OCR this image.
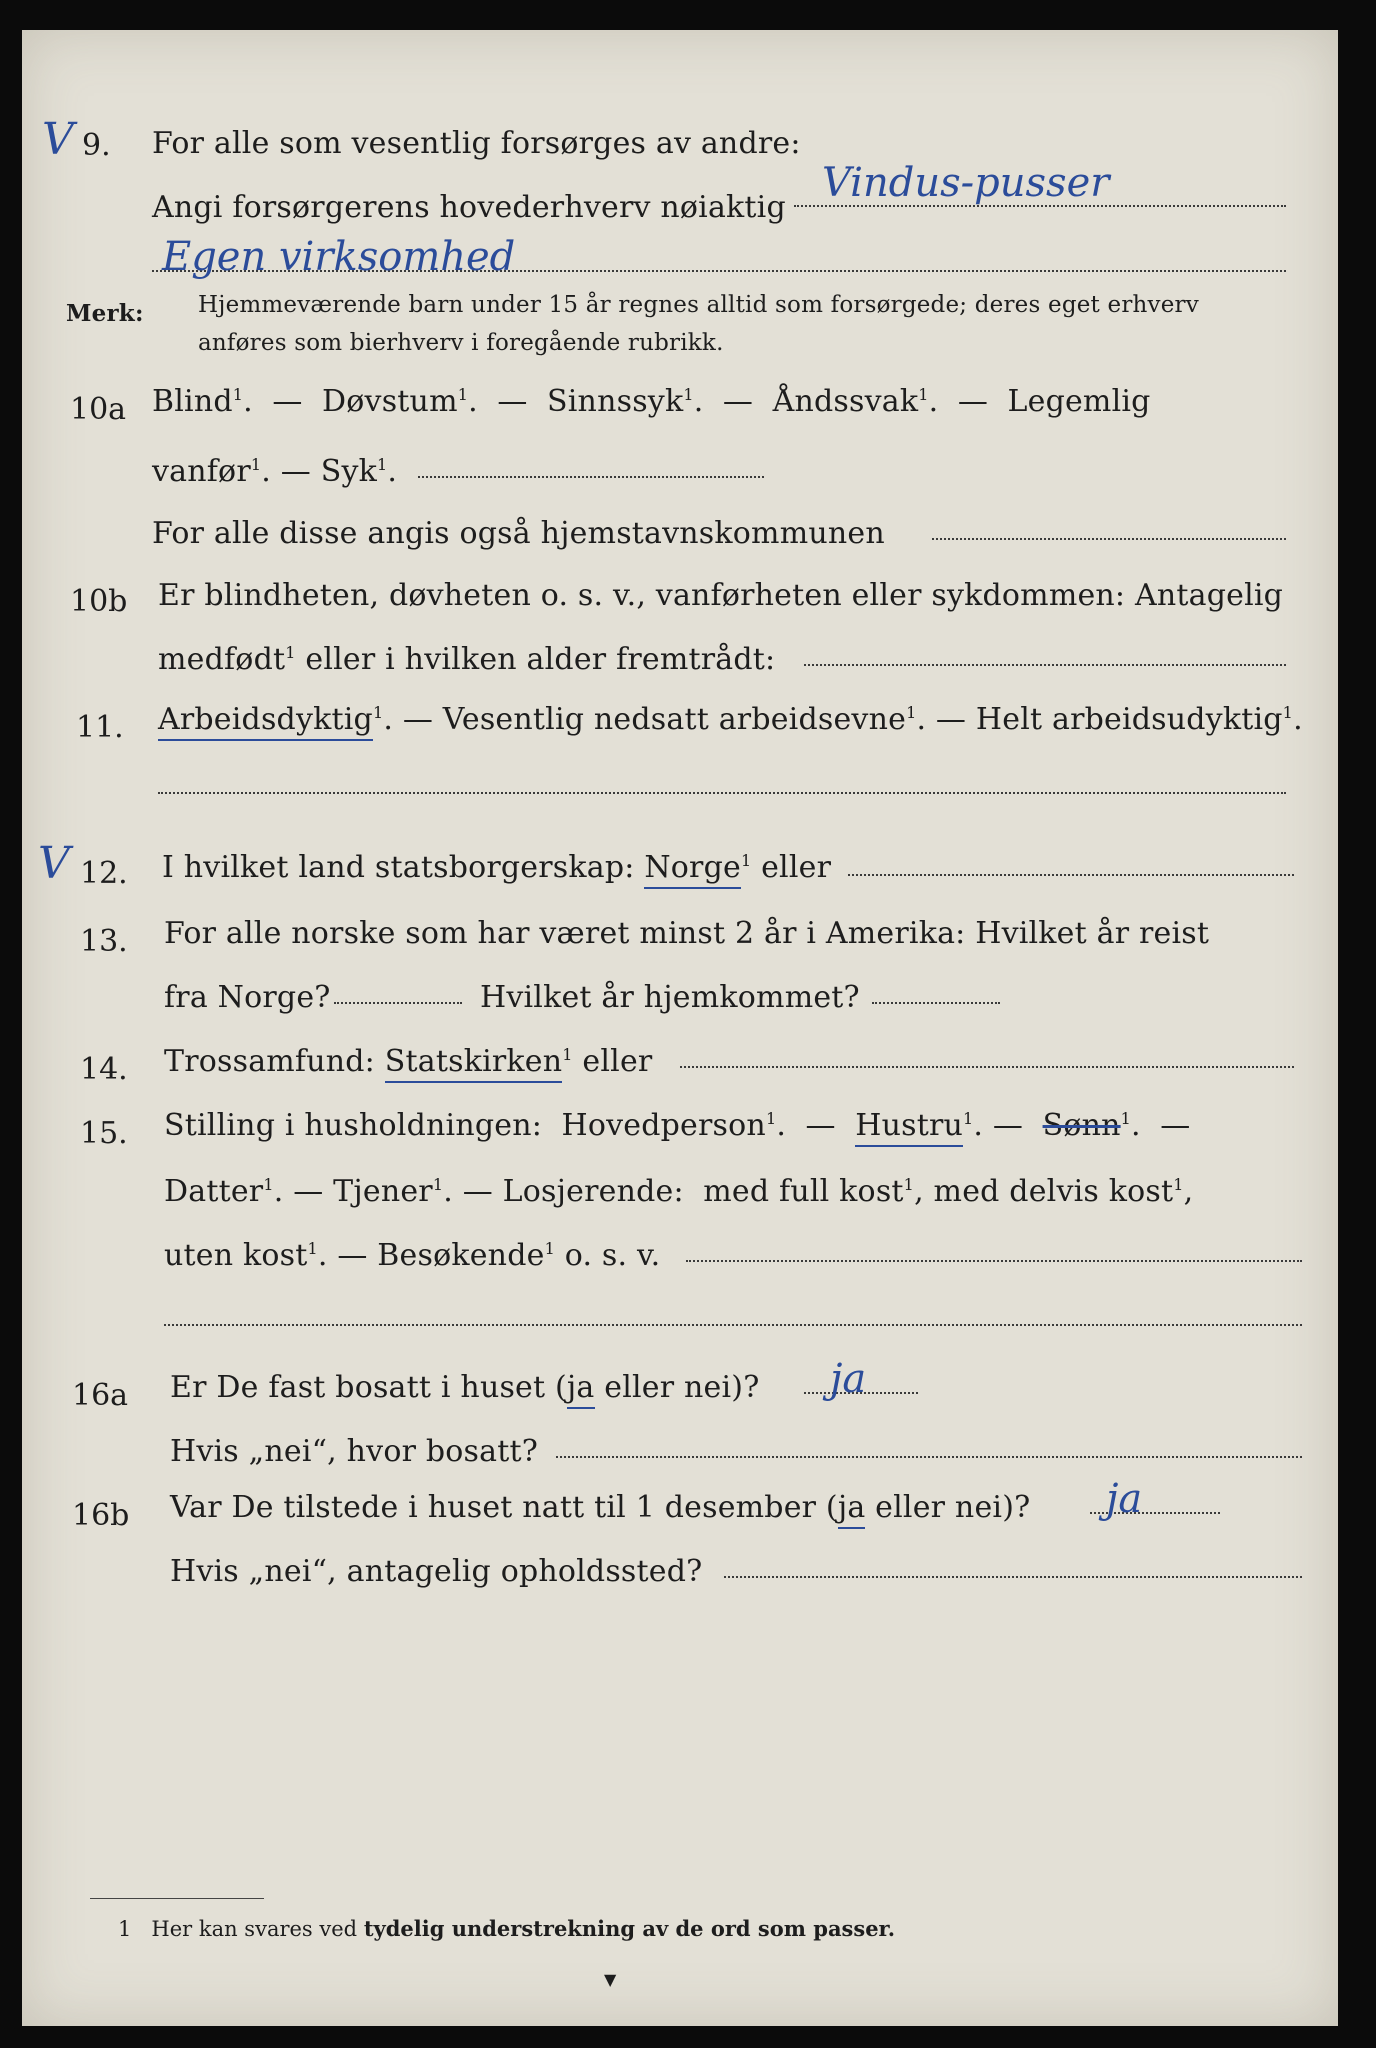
V 9. For alle som vesentlig forsørges av andre:
Angi forsørgerens hovederhverv nøiaktig
Vindus-pusser
Egen virksomhed
Merk: Hjemmeværende barn under 15 år regnes alltid som forsørgede; deres eget erhverv
anføres som bierhverv i foregående rubrikk.
10a Blind$^1$.  —  Døvstum$^1$.  —  Sinnssyk$^1$.  —  Åndssvak$^1$.  —  Legemlig
vanfør$^1$. — Syk$^1$.
For alle disse angis også hjemstavnskommunen
10b Er blindheten, døvheten o. s. v., vanførheten eller sykdommen: Antagelig
medfødt$^1$ eller i hvilken alder fremtrådt:
11. Arbeidsdyktig$^1$. — Vesentlig nedsatt arbeidsevne$^1$. — Helt arbeidsudyktig$^1$.
V 12. I hvilket land statsborgerskap: Norge$^1$ eller
13. For alle norske som har været minst 2 år i Amerika: Hvilket år reist
fra Norge?	Hvilket år hjemkommet?
14. Trossamfund: Statskirken$^1$ eller
15. Stilling i husholdningen: Hovedperson$^1$.  —  Hustru$^1$. —  Sønn$^1$.  —
Datter$^1$. — Tjener$^1$. — Losjerende: med full kost$^1$, med delvis kost$^1$,
uten kost$^1$. — Besøkende$^1$ o. s. v.
16a Er De fast bosatt i huset (ja eller nei)? ja
Hvis „nei“, hvor bosatt?
16b Var De tilstede i huset natt til 1 desember (ja eller nei)? ja
Hvis „nei“, antagelig opholdssted?
1 Her kan svares ved tydelig understrekning av de ord som passer.
▼
